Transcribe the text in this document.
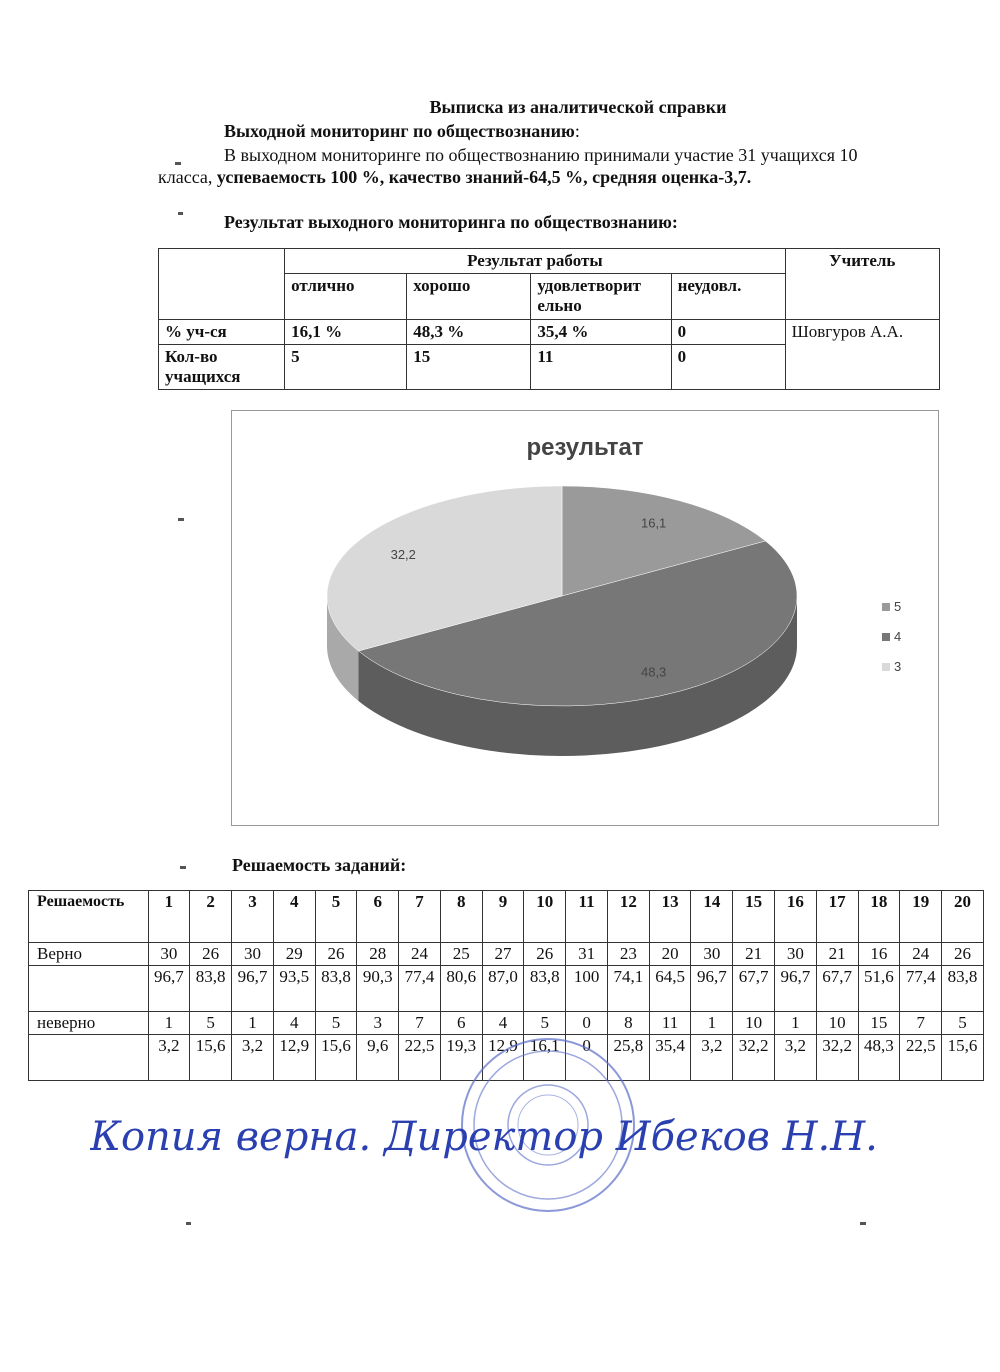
Выписка из аналитической справки
Выходной мониторинг по обществознанию:
В выходном мониторинге по обществознанию принимали участие 31 учащихся 10
класса, успеваемость 100 %, качество знаний-64,5 %, средняя оценка-3,7.
Результат выходного мониторинга по обществознанию:
	Результат работы				Учитель
	отлично	хорошо	удовлетворит ельно	неудовл.	
% уч-ся	16,1 %	48,3 %	35,4 %	0	Шовгуров А.А.
Кол-во учащихся	5	15	11	0	
результат
16,1
48,3
32,2
5
4
3
Решаемость заданий:
Решаемость	1	2	3	4	5	6	7	8	9	10	11	12	13	14	15	16	17	18	19	20
Верно	30	26	30	29	26	28	24	25	27	26	31	23	20	30	21	30	21	16	24	26
	96,7	83,8	96,7	93,5	83,8	90,3	77,4	80,6	87,0	83,8	100	74,1	64,5	96,7	67,7	96,7	67,7	51,6	77,4	83,8
неверно	1	5	1	4	5	3	7	6	4	5	0	8	11	1	10	1	10	15	7	5
	3,2	15,6	3,2	12,9	15,6	9,6	22,5	19,3	12,9	16,1	0	25,8	35,4	3,2	32,2	3,2	32,2	48,3	22,5	15,6
Копия верна. Директор Ибеков Н.Н.
